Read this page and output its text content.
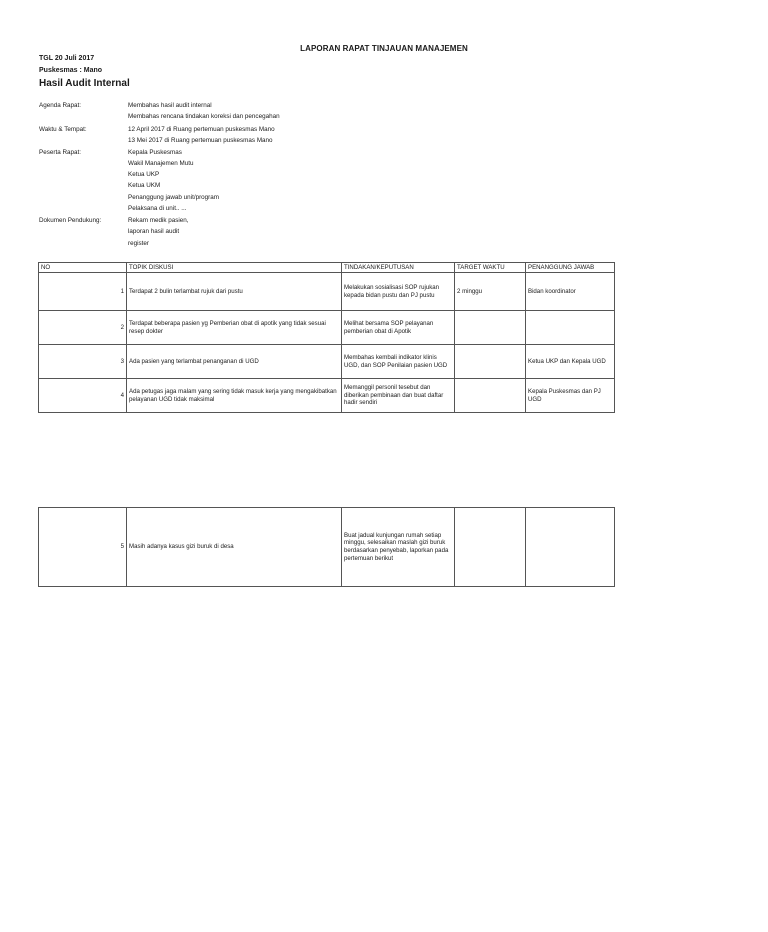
LAPORAN RAPAT TINJAUAN MANAJEMEN
TGL 20 Juli 2017
Puskesmas : Mano
Hasil Audit Internal
Agenda Rapat:	Membahas hasil audit internal
Membahas rencana tindakan koreksi dan pencegahan
Waktu & Tempat:	12 April 2017 di Ruang pertemuan puskesmas Mano
13 Mei 2017 di Ruang pertemuan puskesmas Mano
Peserta Rapat:	Kepala Puskesmas
Wakil Manajemen Mutu
Ketua UKP
Ketua UKM
Penanggung jawab unit/program
Pelaksana di unit.. ...
Dokumen Pendukung:	Rekam medik pasien,
laporan hasil audit
register
NO	TOPIK DISKUSI	TINDAKAN/KEPUTUSAN	TARGET WAKTU	PENANGGUNG JAWAB
1	Terdapat 2 bulin terlambat rujuk dari pustu	Melakukan sosialisasi SOP rujukan kepada bidan pustu dan PJ pustu	2 minggu	Bidan koordinator
2	Terdapat beberapa pasien yg Pemberian obat di apotik yang tidak sesuai resep dokter	Melihat bersama SOP pelayanan pemberian obat di Apotik		
3	Ada pasien yang terlambat penanganan di UGD	Membahas kembali indikator klinis UGD, dan SOP Penilaian pasien UGD		Ketua UKP dan Kepala UGD
4	Ada petugas jaga malam yang sering tidak masuk kerja yang mengakibatkan pelayanan UGD tidak maksimal	Memanggil personil tesebut dan diberikan pembinaan dan buat daftar hadir sendiri		Kepala Puskesmas dan PJ UGD
5	Masih adanya kasus gizi buruk di desa	Buat jadual kunjungan rumah setiap minggu, selesaikan maslah gizi buruk berdasarkan penyebab, laporkan pada pertemuan berikut		
